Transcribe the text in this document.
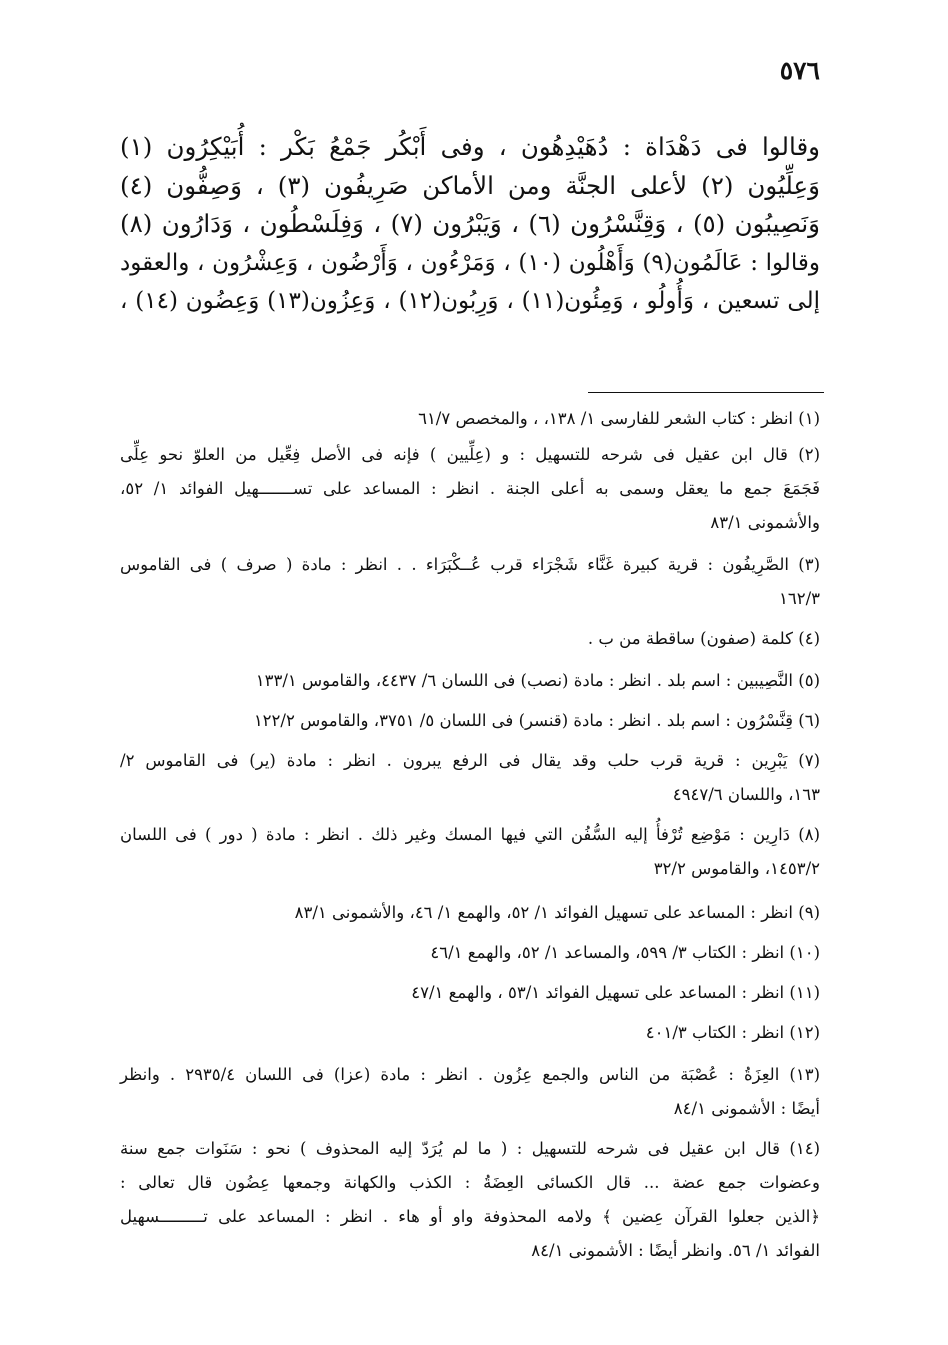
٥٧٦
وقالوا فى دَهْدَاة : دُهَيْدِهُون ، وفى أَبْكُر جَمْعُ بَكْر : أُبَيْكِرُون (١)
وَعِلِّيُون (٢) لأعلى الجنَّة ومن الأماكن صَرِيفُون (٣) ، وَصِفُّون (٤)
وَنَصِيبُون (٥) ، وَقِنَّسْرُون (٦) ، وَيَبْرُون (٧) ، وَفِلَسْطُون ، وَدَارُون (٨)
وقالوا : عَالَمُون(٩) وَأَهْلُون (١٠) ، وَمَرْءُون ، وَأَرْضُون ، وَعِشْرُون ، والعقود
إلى تسعين ، وَأُولُو ، وَمِئُون(١١) ، وَرِبُون(١٢) ، وَعِزُون(١٣) وَعِضُون (١٤) ،
(١) انظر : كتاب الشعر للفارسى ١/ ١٣٨، ، والمخصص ٦١/٧
(٢) قال ابن عقيل فى شرحه للتسهيل : و (عِلِّيين ) فإنه فى الأصل فِعِّيل من العلوّ نحو عِلِّى
فَجَمَعَ جمع ما يعقل وسمى به أعلى الجنة . انظر : المساعد على تســـــــهيل الفوائد ١/ ٥٢،
والأشمونى ٨٣/١
(٣) الصَّرِيفُون : قرية كبيرة غَنَّاء شَجْرَاء قرب عُــكْبَرَاء . . انظر : مادة ( صرف ) فى القاموس
١٦٢/٣
(٤) كلمة (صفون) ساقطة من ب .
(٥) النَّصِيبين : اسم بلد . انظر : مادة (نصب) فى اللسان ٦/ ٤٤٣٧، والقاموس ١٣٣/١
(٦) قِنَّسْرُون : اسم بلد . انظر : مادة (قنسر) فى اللسان ٥/ ٣٧٥١، والقاموس ١٢٢/٢
(٧) يَبْرِين : قرية قرب حلب وقد يقال فى الرفع يبرون . انظر : مادة (ير) فى القاموس ٢/
١٦٣، واللسان ٤٩٤٧/٦
(٨) دَارِين : مَوْضِع تُرْفأُ إليه السُّفُن التي فيها المسك وغير ذلك . انظر : مادة ( دور ) فى اللسان
١٤٥٣/٢، والقاموس ٣٢/٢
(٩) انظر : المساعد على تسهيل الفوائد ١/ ٥٢، والهمع ١/ ٤٦، والأشمونى ٨٣/١
(١٠) انظر : الكتاب ٣/ ٥٩٩، والمساعد ١/ ٥٢، والهمع ٤٦/١
(١١) انظر : المساعد على تسهيل الفوائد ٥٣/١ ، والهمع ٤٧/١
(١٢) انظر : الكتاب ٤٠١/٣
(١٣) العِزَةُ : عُصْبَة من الناس والجمع عِزُون . انظر : مادة (عزا) فى اللسان ٢٩٣٥/٤ . وانظر
أيضًا : الأشمونى ٨٤/١
(١٤) قال ابن عقيل فى شرحه للتسهيل : ( ما لم يُرَدّ إليه المحذوف ) نحو : سَنَوات جمع سنة
وعضوات جمع عضة ... قال الكسائى العِضَةُ : الكذب والكهانة وجمعها عِضُون قال تعالى :
﴿الذين جعلوا القرآن عِضين ﴾ ولامه المحذوفة واو أو هاء . انظر : المساعد على تـــــــــسهيل
الفوائد ١/ ٥٦. وانظر أيضًا : الأشمونى ٨٤/١
